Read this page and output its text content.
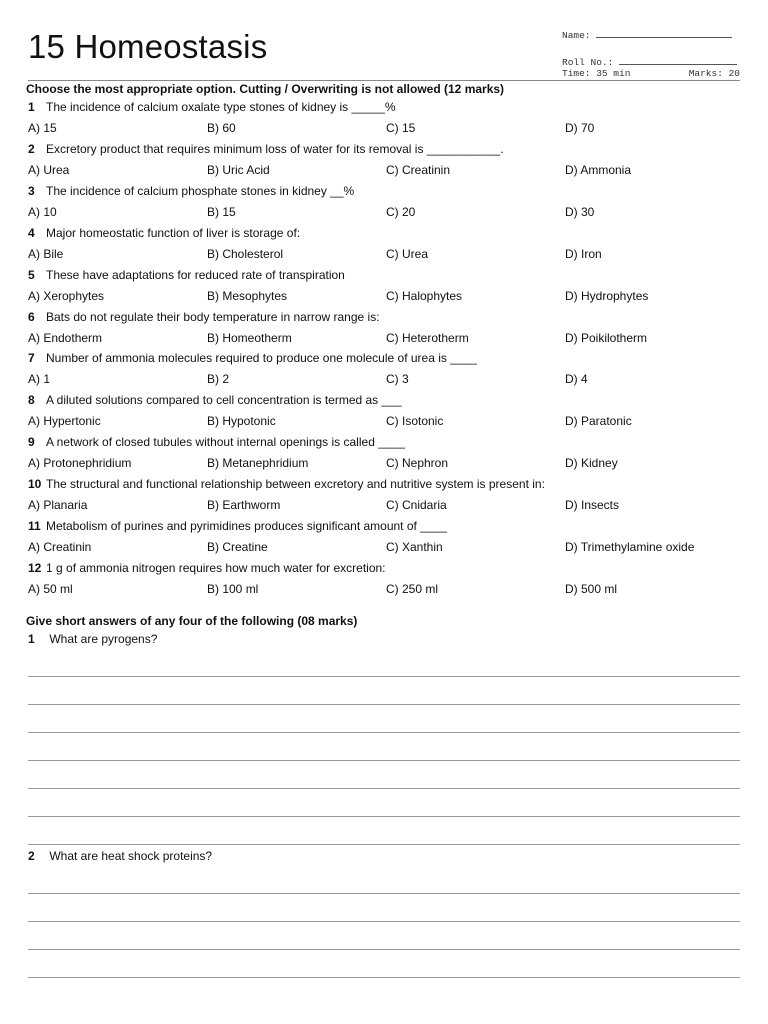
15 Homeostasis	Name:
Roll No.:
Time: 35 min	Marks: 20
Choose the most appropriate option. Cutting / Overwriting is not allowed (12 marks)
1 The incidence of calcium oxalate type stones of kidney is _____%
A) 15	B) 60	C) 15	D) 70
2 Excretory product that requires minimum loss of water for its removal is ___________.
A) Urea	B) Uric Acid	C) Creatinin	D) Ammonia
3 The incidence of calcium phosphate stones in kidney __%
A) 10	B) 15	C) 20	D) 30
4 Major homeostatic function of liver is storage of:
A) Bile	B) Cholesterol	C) Urea	D) Iron
5 These have adaptations for reduced rate of transpiration
A) Xerophytes	B) Mesophytes	C) Halophytes	D) Hydrophytes
6 Bats do not regulate their body temperature in narrow range is:
A) Endotherm	B) Homeotherm	C) Heterotherm	D) Poikilotherm
7 Number of ammonia molecules required to produce one molecule of urea is ____
A) 1	B) 2	C) 3	D) 4
8 A diluted solutions compared to cell concentration is termed as ___
A) Hypertonic	B) Hypotonic	C) Isotonic	D) Paratonic
9 A network of closed tubules without internal openings is called ____
A) Protonephridium	B) Metanephridium	C) Nephron	D) Kidney
10 The structural and functional relationship between excretory and nutritive system is present in:
A) Planaria	B) Earthworm	C) Cnidaria	D) Insects
11 Metabolism of purines and pyrimidines produces significant amount of ____
A) Creatinin	B) Creatine	C) Xanthin	D) Trimethylamine oxide
12 1 g of ammonia nitrogen requires how much water for excretion:
A) 50 ml	B) 100 ml	C) 250 ml	D) 500 ml
Give short answers of any four of the following (08 marks)
1 What are pyrogens?
2 What are heat shock proteins?
